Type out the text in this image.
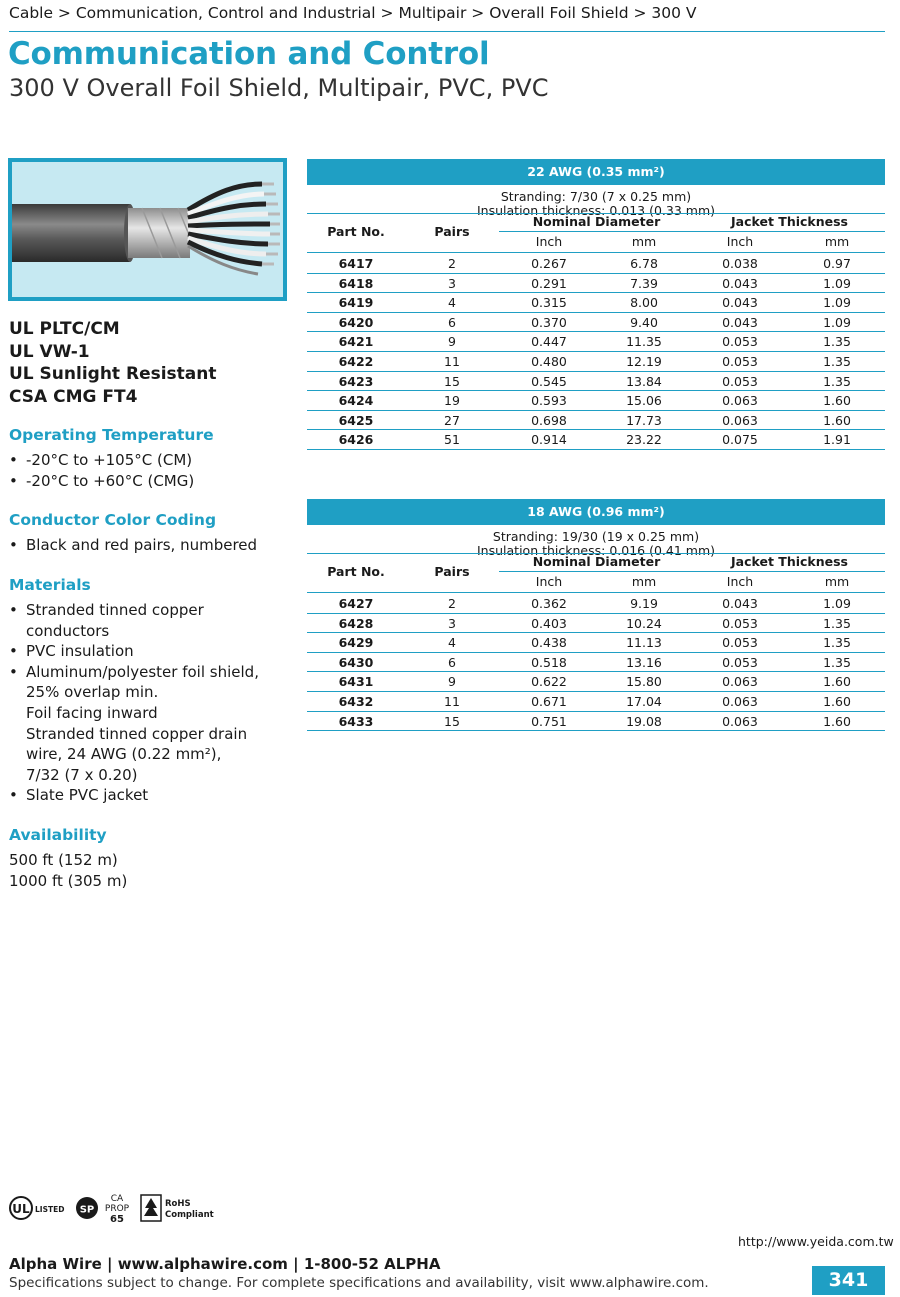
Cable > Communication, Control and Industrial > Multipair > Overall Foil Shield > 300 V
Communication and Control
300 V Overall Foil Shield, Multipair, PVC, PVC
UL PLTC/CM
UL VW-1
UL Sunlight Resistant
CSA CMG FT4
Operating Temperature
• -20°C to +105°C (CM)
• -20°C to +60°C (CMG)
Conductor Color Coding
• Black and red pairs, numbered
Materials
• Stranded tinned copper
conductors
• PVC insulation
• Aluminum/polyester foil shield,
25% overlap min.
Foil facing inward
Stranded tinned copper drain
wire, 24 AWG (0.22 mm²),
7/32 (7 x 0.20)
• Slate PVC jacket
Availability
500 ft (152 m)
1000 ft (305 m)
22 AWG (0.35 mm²)
Stranding: 7/30 (7 x 0.25 mm)
Insulation thickness: 0.013 (0.33 mm)
Part No.	Pairs
Nominal Diameter	Jacket Thickness
Inch	mm	Inch	mm
6417	2	0.267	6.78	0.038	0.97
6418	3	0.291	7.39	0.043	1.09
6419	4	0.315	8.00	0.043	1.09
6420	6	0.370	9.40	0.043	1.09
6421	9	0.447	11.35	0.053	1.35
6422	11	0.480	12.19	0.053	1.35
6423	15	0.545	13.84	0.053	1.35
6424	19	0.593	15.06	0.063	1.60
6425	27	0.698	17.73	0.063	1.60
6426	51	0.914	23.22	0.075	1.91
18 AWG (0.96 mm²)
Stranding: 19/30 (19 x 0.25 mm)
Insulation thickness: 0.016 (0.41 mm)
Part No.	Pairs
Nominal Diameter	Jacket Thickness
Inch	mm	Inch	mm
6427	2	0.362	9.19	0.043	1.09
6428	3	0.403	10.24	0.053	1.35
6429	4	0.438	11.13	0.053	1.35
6430	6	0.518	13.16	0.053	1.35
6431	9	0.622	15.80	0.063	1.60
6432	11	0.671	17.04	0.063	1.60
6433	15	0.751	19.08	0.063	1.60
UL LISTED SP
CA
PROP
65
RoHS
Compliant
http://www.yeida.com.tw
Alpha Wire | www.alphawire.com | 1-800-52 ALPHA
Specifications subject to change. For complete specifications and availability, visit www.alphawire.com.	341
